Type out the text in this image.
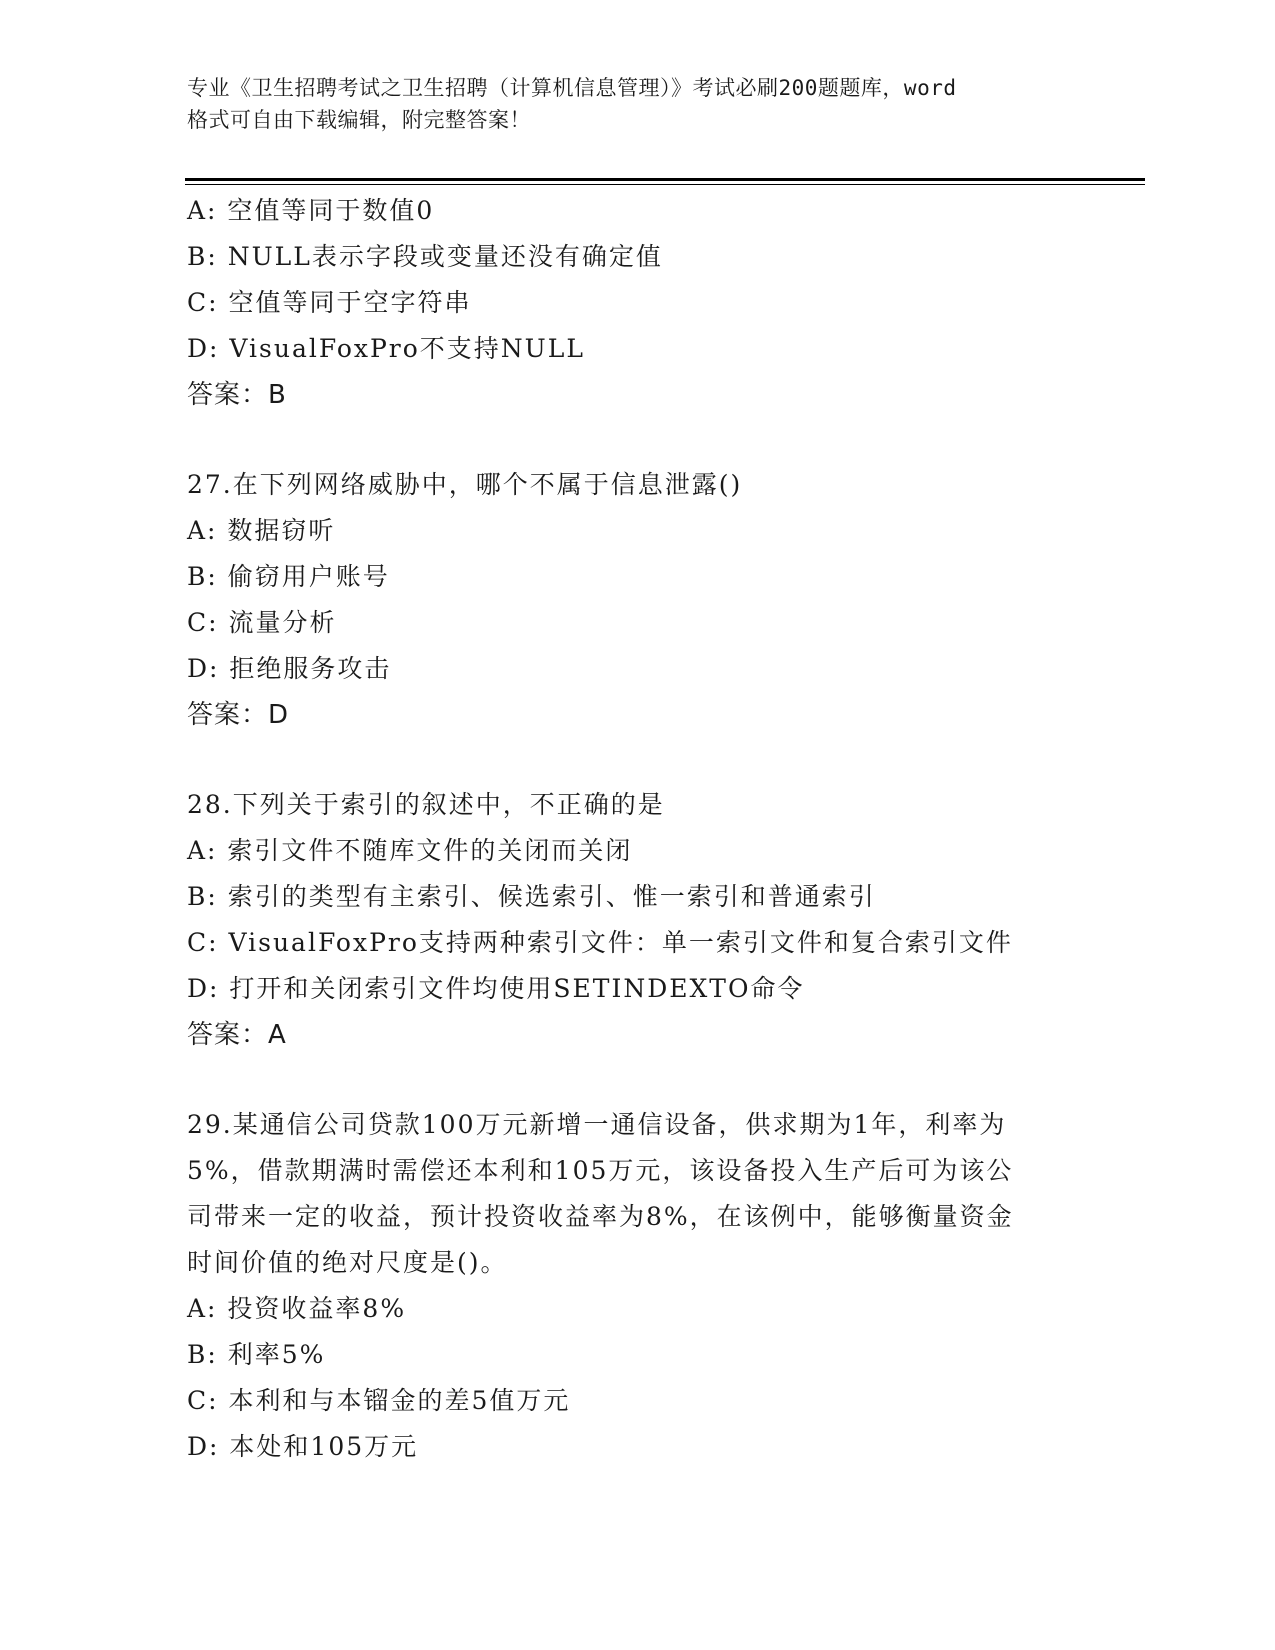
专业《卫生招聘考试之卫生招聘（计算机信息管理）》考试必刷200题题库，word
格式可自由下载编辑，附完整答案！
A: 空值等同于数值0
B: NULL表示字段或变量还没有确定值
C: 空值等同于空字符串
D: VisualFoxPro不支持NULL
答案：B
27.在下列网络威胁中，哪个不属于信息泄露()
A: 数据窃听
B: 偷窃用户账号
C: 流量分析
D: 拒绝服务攻击
答案：D
28.下列关于索引的叙述中，不正确的是
A: 索引文件不随库文件的关闭而关闭
B: 索引的类型有主索引、候选索引、惟一索引和普通索引
C: VisualFoxPro支持两种索引文件：单一索引文件和复合索引文件
D: 打开和关闭索引文件均使用SETINDEXTO命令
答案：A
29.某通信公司贷款100万元新增一通信设备，供求期为1年，利率为
5%，借款期满时需偿还本利和105万元，该设备投入生产后可为该公
司带来一定的收益，预计投资收益率为8%，在该例中，能够衡量资金
时间价值的绝对尺度是()。
A: 投资收益率8%
B: 利率5%
C: 本利和与本镏金的差5值万元
D: 本处和105万元
